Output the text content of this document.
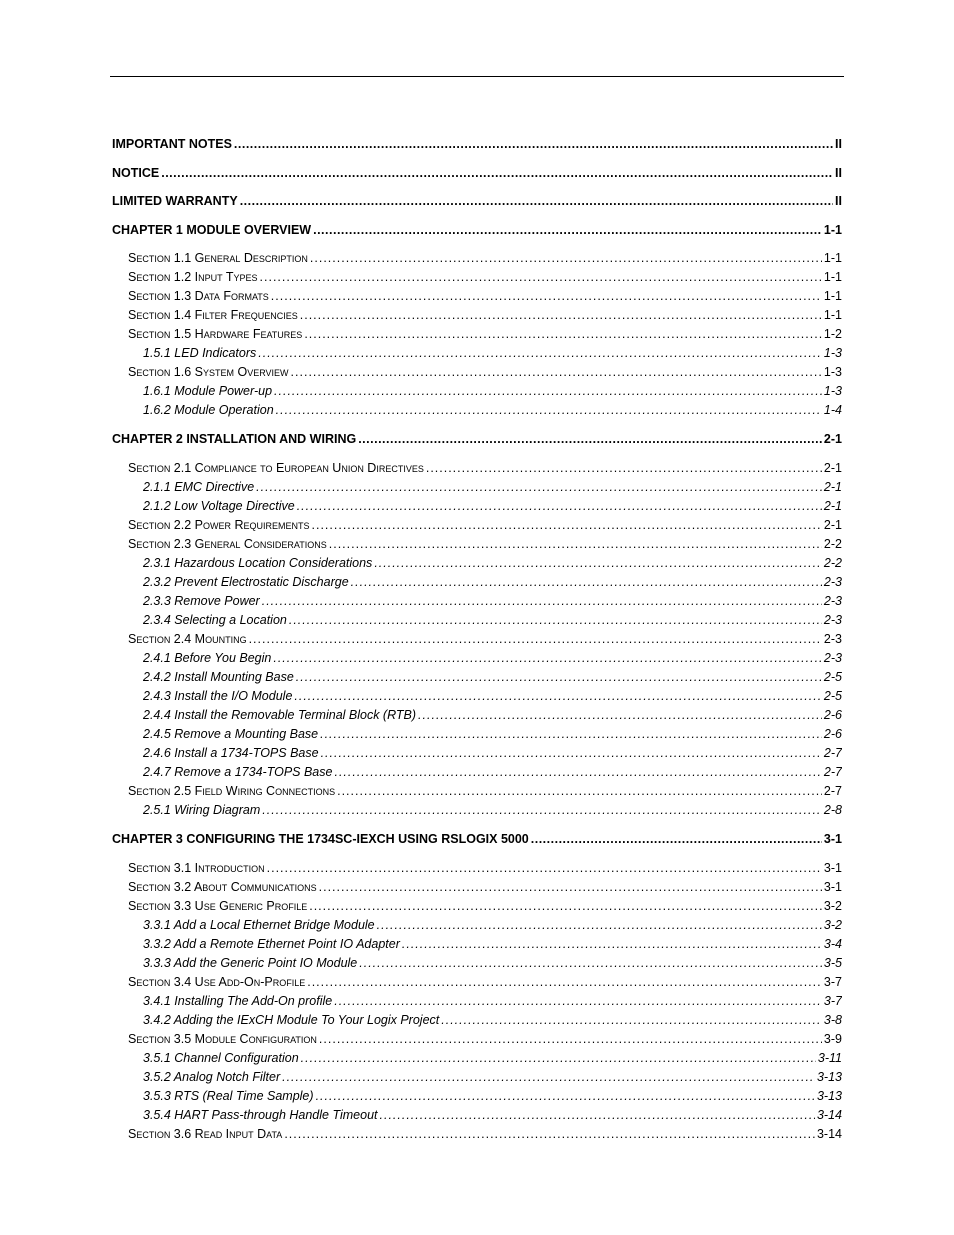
IMPORTANT NOTES .....	II
NOTICE .....	II
LIMITED WARRANTY .....	II
CHAPTER 1 MODULE OVERVIEW .....	1-1
Section 1.1 General Description .....	1-1
Section 1.2 Input Types .....	1-1
Section 1.3 Data Formats .....	1-1
Section 1.4 Filter Frequencies .....	1-1
Section 1.5 Hardware Features .....	1-2
1.5.1 LED Indicators .....	1-3
Section 1.6 System Overview .....	1-3
1.6.1 Module Power-up .....	1-3
1.6.2 Module Operation .....	1-4
CHAPTER 2 INSTALLATION AND WIRING .....	2-1
Section 2.1 Compliance to European Union Directives .....	2-1
2.1.1 EMC Directive .....	2-1
2.1.2 Low Voltage Directive .....	2-1
Section 2.2 Power Requirements .....	2-1
Section 2.3 General Considerations .....	2-2
2.3.1 Hazardous Location Considerations .....	2-2
2.3.2 Prevent Electrostatic Discharge .....	2-3
2.3.3 Remove Power .....	2-3
2.3.4 Selecting a Location .....	2-3
Section 2.4 Mounting .....	2-3
2.4.1 Before You Begin .....	2-3
2.4.2 Install Mounting Base .....	2-5
2.4.3 Install the I/O Module .....	2-5
2.4.4 Install the Removable Terminal Block (RTB) .....	2-6
2.4.5 Remove a Mounting Base .....	2-6
2.4.6 Install a 1734-TOPS Base .....	2-7
2.4.7 Remove a 1734-TOPS Base .....	2-7
Section 2.5 Field Wiring Connections .....	2-7
2.5.1 Wiring Diagram .....	2-8
CHAPTER 3 CONFIGURING THE 1734SC-IEXCH USING RSLOGIX 5000 .....	3-1
Section 3.1 Introduction .....	3-1
Section 3.2 About Communications .....	3-1
Section 3.3 Use Generic Profile .....	3-2
3.3.1 Add a Local Ethernet Bridge Module .....	3-2
3.3.2 Add a Remote Ethernet Point IO Adapter .....	3-4
3.3.3 Add the Generic Point IO Module .....	3-5
Section 3.4 Use Add-On-Profile .....	3-7
3.4.1 Installing The Add-On profile .....	3-7
3.4.2 Adding the IExCH Module To Your Logix Project .....	3-8
Section 3.5 Module Configuration .....	3-9
3.5.1 Channel Configuration .....	3-11
3.5.2 Analog Notch Filter .....	3-13
3.5.3 RTS (Real Time Sample) .....	3-13
3.5.4 HART Pass-through Handle Timeout .....	3-14
Section 3.6 Read Input Data .....	3-14
